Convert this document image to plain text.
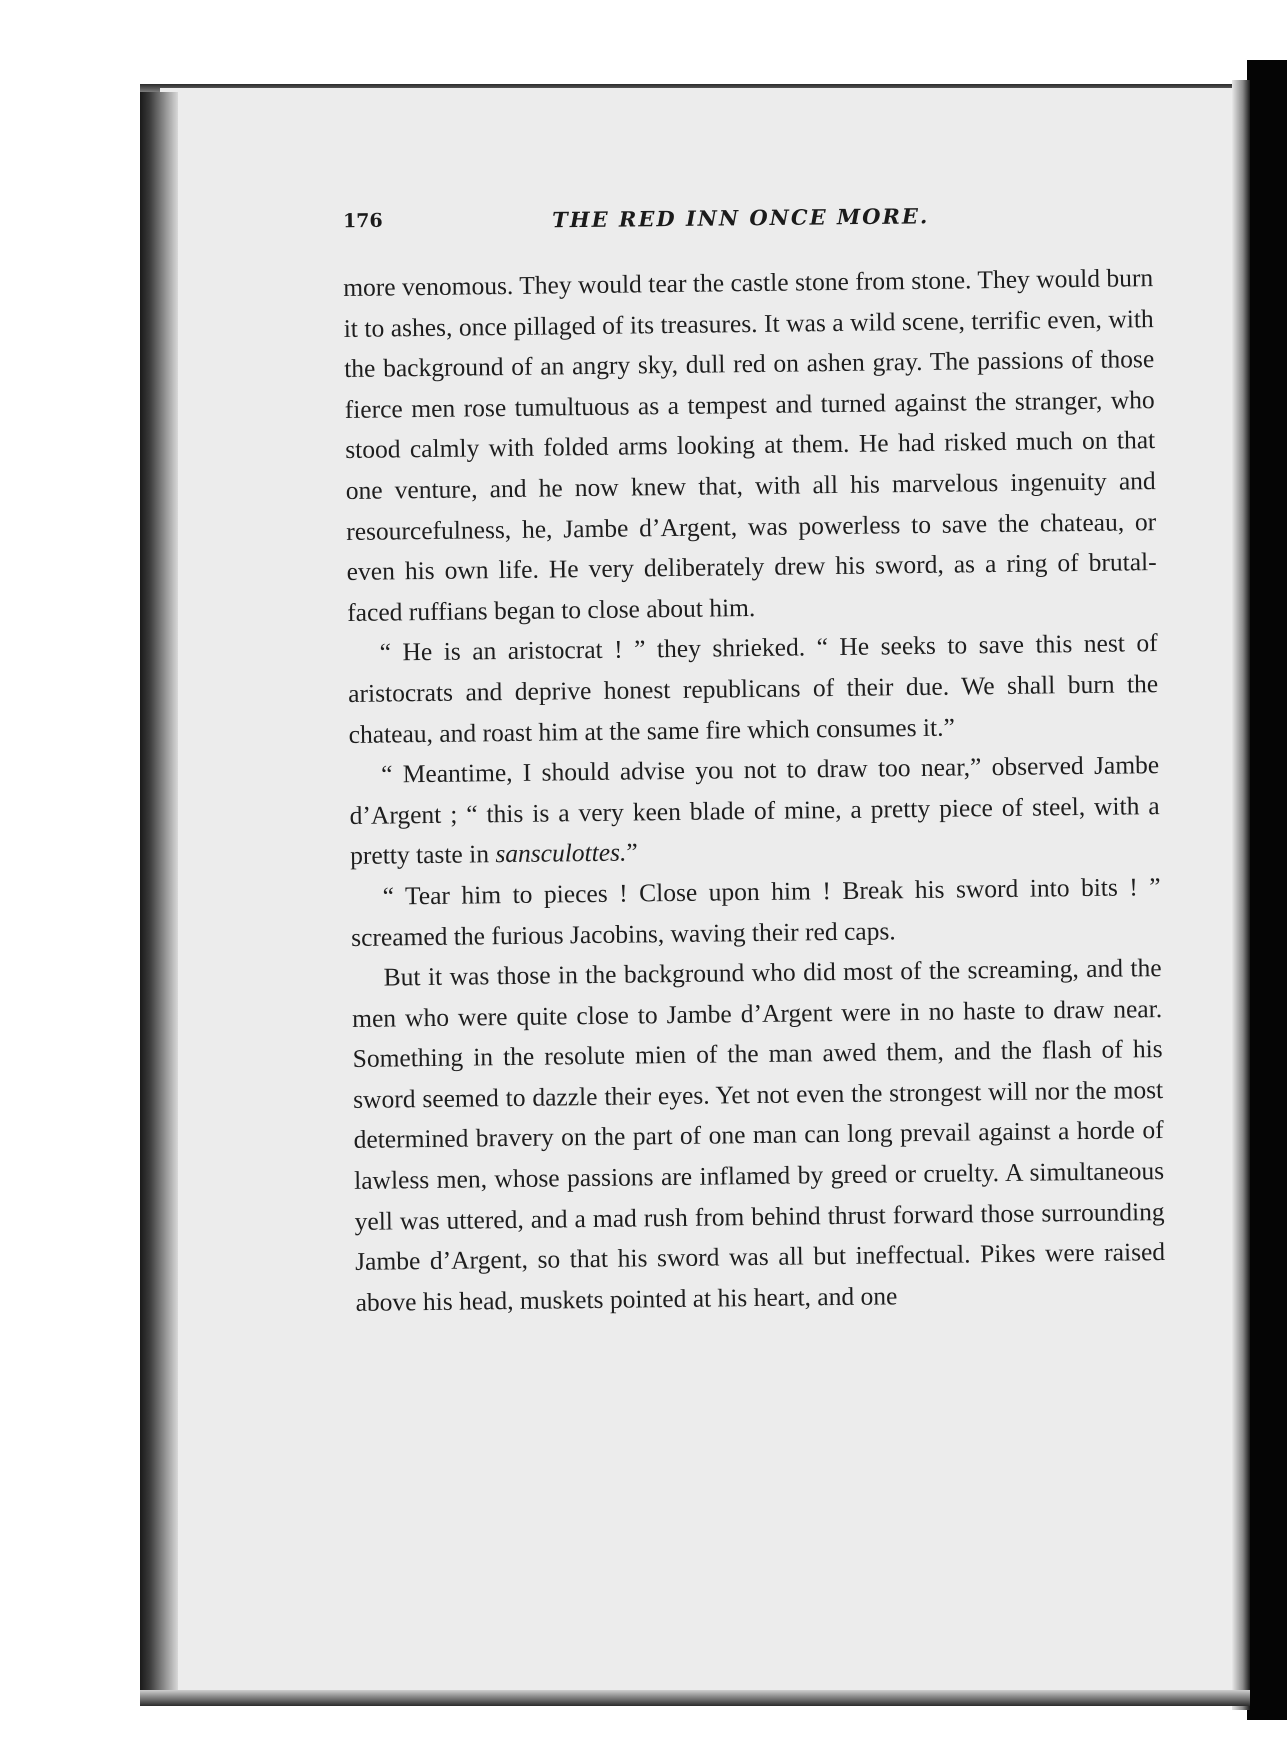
THE RED INN ONCE MORE.
176

more venomous. They would tear the castle stone from stone. They would burn it to ashes, once pillaged of its treasures. It was a wild scene, terrific even, with the background of an angry sky, dull red on ashen gray. The passions of those fierce men rose tumultuous as a tempest and turned against the stranger, who stood calmly with folded arms looking at them. He had risked much on that one venture, and he now knew that, with all his marvelous ingenuity and resourcefulness, he, Jambe d’Argent, was powerless to save the chateau, or even his own life. He very deliberately drew his sword, as a ring of brutal-faced ruffians began to close about him.

“ He is an aristocrat ! ” they shrieked. “ He seeks to save this nest of aristocrats and deprive honest republicans of their due. We shall burn the chateau, and roast him at the same fire which consumes it.”

“ Meantime, I should advise you not to draw too near,” observed Jambe d’Argent ; “ this is a very keen blade of mine, a pretty piece of steel, with a pretty taste in sansculottes.”

“ Tear him to pieces ! Close upon him ! Break his sword into bits ! ” screamed the furious Jacobins, waving their red caps.

But it was those in the background who did most of the screaming, and the men who were quite close to Jambe d’Argent were in no haste to draw near. Something in the resolute mien of the man awed them, and the flash of his sword seemed to dazzle their eyes. Yet not even the strongest will nor the most determined bravery on the part of one man can long prevail against a horde of lawless men, whose passions are inflamed by greed or cruelty. A simultaneous yell was uttered, and a mad rush from behind thrust forward those surrounding Jambe d’Argent, so that his sword was all but ineffectual. Pikes were raised above his head, muskets pointed at his heart, and one
